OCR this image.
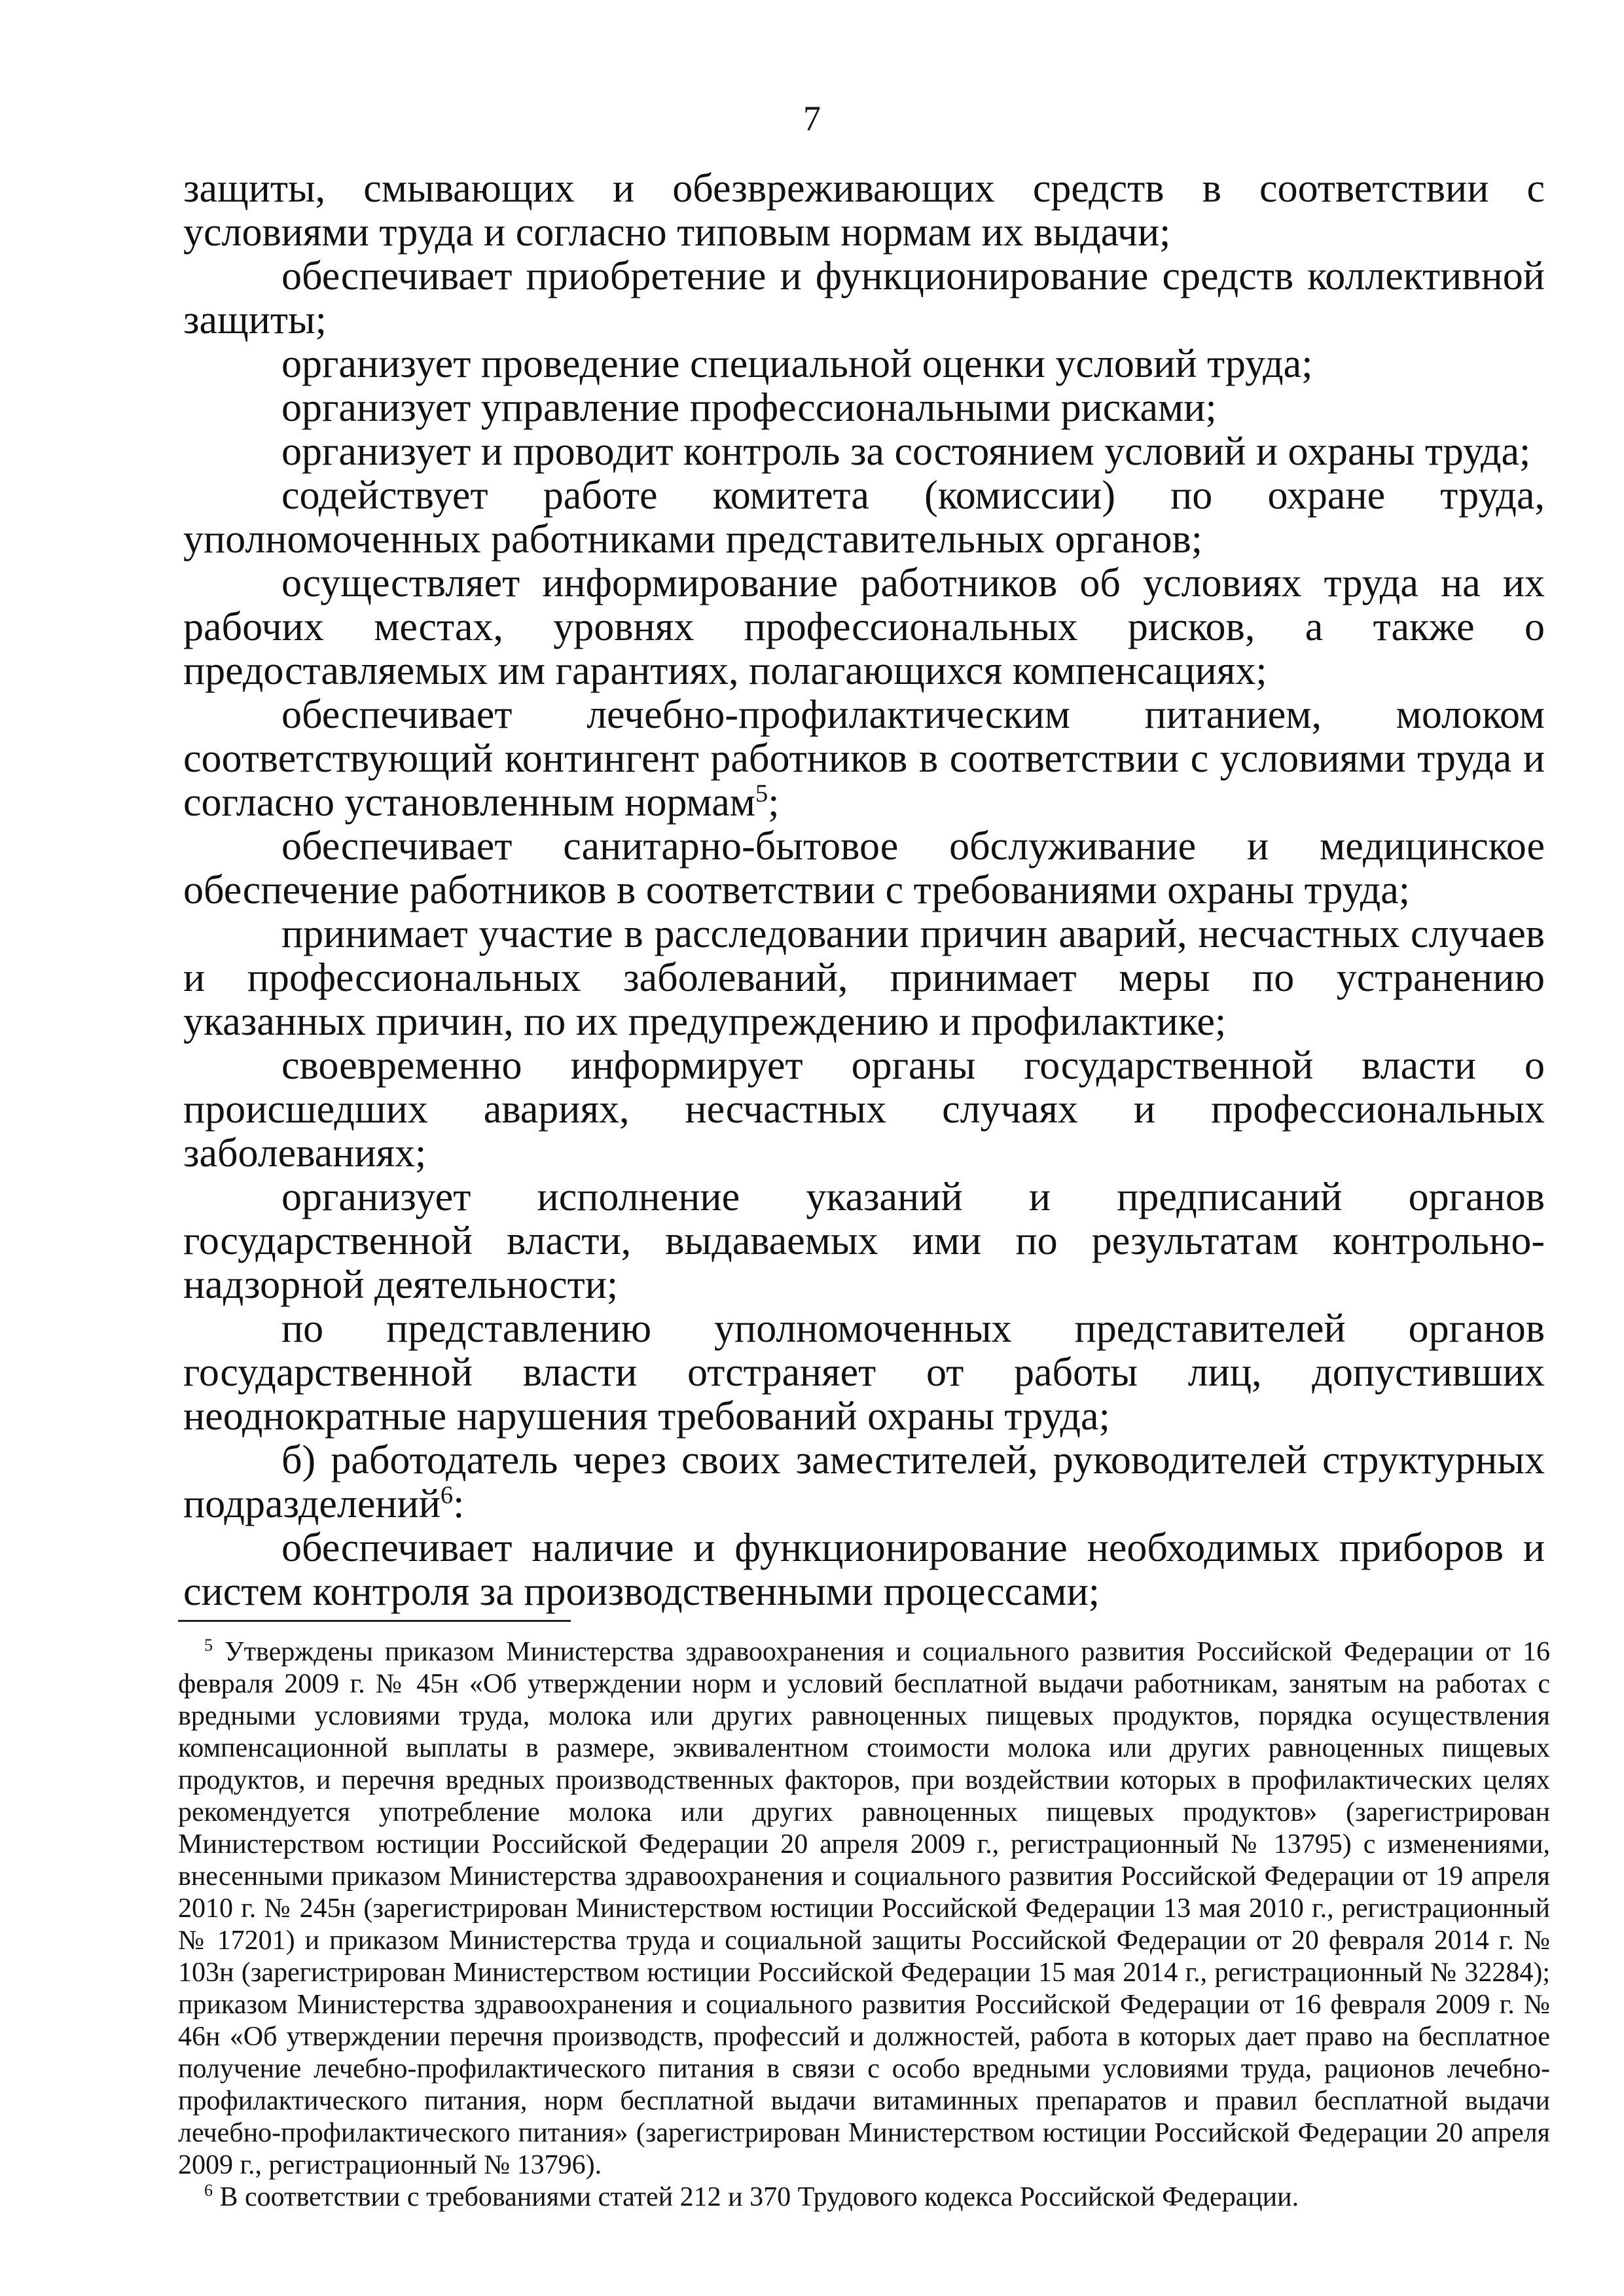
7

защиты, смывающих и обезвреживающих средств в соответствии с условиями труда и согласно типовым нормам их выдачи;

обеспечивает приобретение и функционирование средств коллективной защиты;

организует проведение специальной оценки условий труда;

организует управление профессиональными рисками;

организует и проводит контроль за состоянием условий и охраны труда;

содействует работе комитета (комиссии) по охране труда, уполномоченных работниками представительных органов;

осуществляет информирование работников об условиях труда на их рабочих местах, уровнях профессиональных рисков, а также о предоставляемых им гарантиях, полагающихся компенсациях;

обеспечивает лечебно-профилактическим питанием, молоком соответствующий контингент работников в соответствии с условиями труда и согласно установленным нормам$^5$;

обеспечивает санитарно-бытовое обслуживание и медицинское обеспечение работников в соответствии с требованиями охраны труда;

принимает участие в расследовании причин аварий, несчастных случаев и профессиональных заболеваний, принимает меры по устранению указанных причин, по их предупреждению и профилактике;

своевременно информирует органы государственной власти о происшедших авариях, несчастных случаях и профессиональных заболеваниях;

организует исполнение указаний и предписаний органов государственной власти, выдаваемых ими по результатам контрольно-надзорной деятельности;

по представлению уполномоченных представителей органов государственной власти отстраняет от работы лиц, допустивших неоднократные нарушения требований охраны труда;

б) работодатель через своих заместителей, руководителей структурных подразделений$^6$:

обеспечивает наличие и функционирование необходимых приборов и систем контроля за производственными процессами;

$^5$ Утверждены приказом Министерства здравоохранения и социального развития Российской Федерации от 16 февраля 2009 г. № 45н «Об утверждении норм и условий бесплатной выдачи работникам, занятым на работах с вредными условиями труда, молока или других равноценных пищевых продуктов, порядка осуществления компенсационной выплаты в размере, эквивалентном стоимости молока или других равноценных пищевых продуктов, и перечня вредных производственных факторов, при воздействии которых в профилактических целях рекомендуется употребление молока или других равноценных пищевых продуктов» (зарегистрирован Министерством юстиции Российской Федерации 20 апреля 2009 г., регистрационный № 13795) с изменениями, внесенными приказом Министерства здравоохранения и социального развития Российской Федерации от 19 апреля 2010 г. № 245н (зарегистрирован Министерством юстиции Российской Федерации 13 мая 2010 г., регистрационный № 17201) и приказом Министерства труда и социальной защиты Российской Федерации от 20 февраля 2014 г. № 103н (зарегистрирован Министерством юстиции Российской Федерации 15 мая 2014 г., регистрационный № 32284); приказом Министерства здравоохранения и социального развития Российской Федерации от 16 февраля 2009 г. № 46н «Об утверждении перечня производств, профессий и должностей, работа в которых дает право на бесплатное получение лечебно-профилактического питания в связи с особо вредными условиями труда, рационов лечебно-профилактического питания, норм бесплатной выдачи витаминных препаратов и правил бесплатной выдачи лечебно-профилактического питания» (зарегистрирован Министерством юстиции Российской Федерации 20 апреля 2009 г., регистрационный № 13796).

$^6$ В соответствии с требованиями статей 212 и 370 Трудового кодекса Российской Федерации.
